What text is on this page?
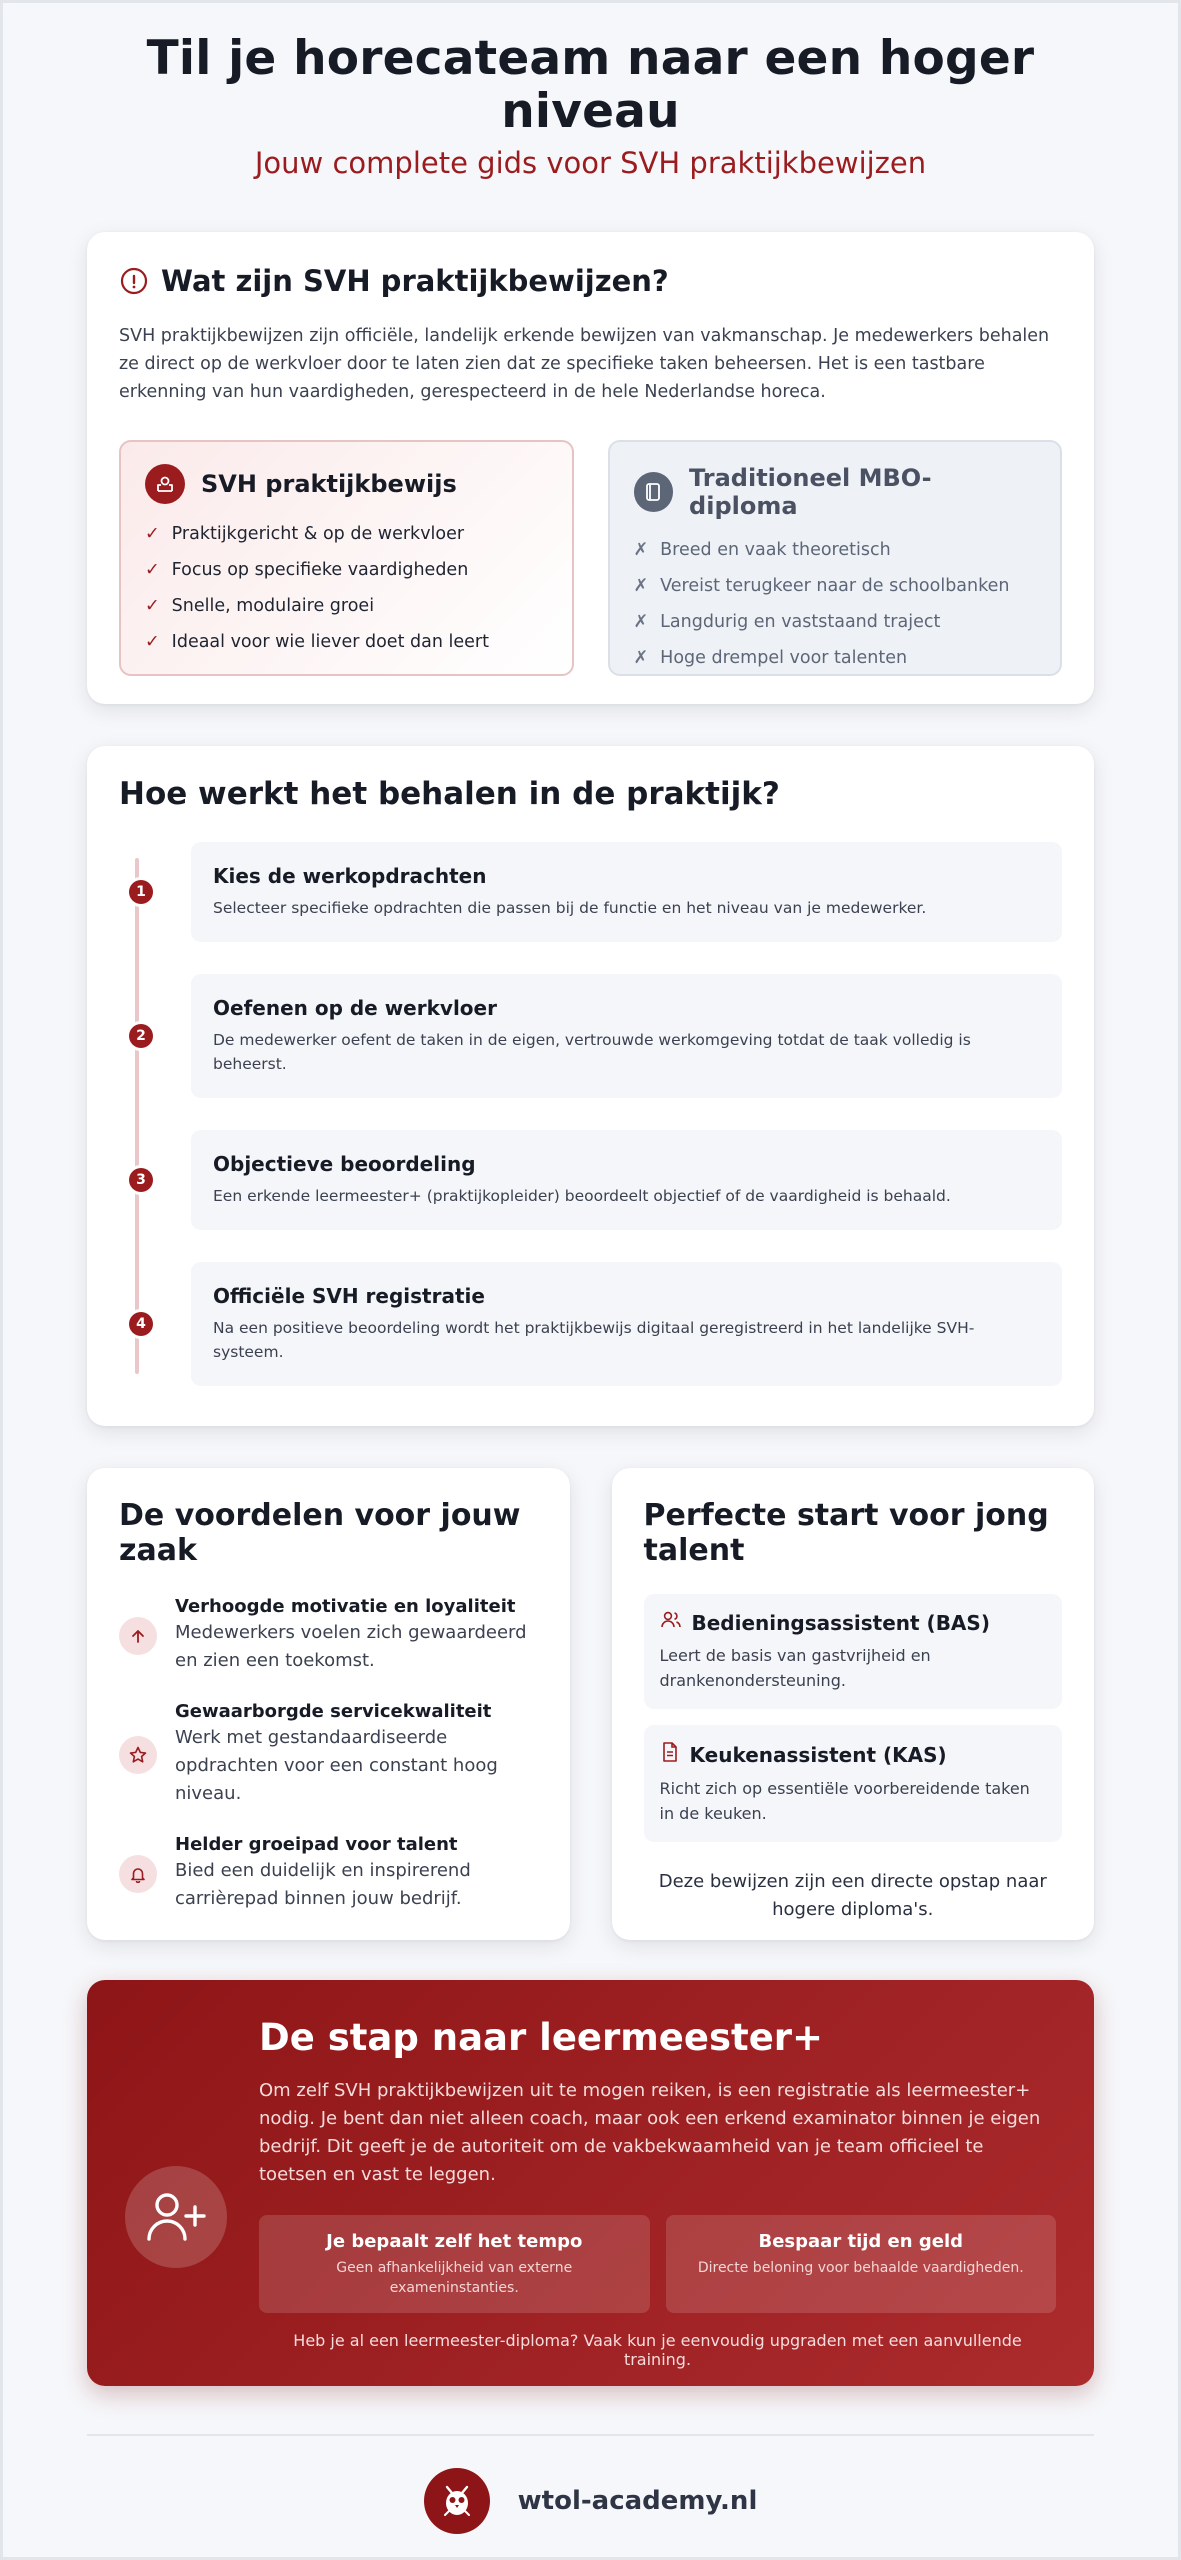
Til je horecateam naar een hoger niveau
Jouw complete gids voor SVH praktijkbewijzen
Wat zijn SVH praktijkbewijzen?

SVH praktijkbewijzen zijn officiële, landelijk erkende bewijzen van vakmanschap. Je medewerkers behalen ze direct op de werkvloer door te laten zien dat ze specifieke taken beheersen. Het is een tastbare erkenning van hun vaardigheden, gerespecteerd in de hele Nederlandse horeca.

SVH praktijkbewijs
✓ Praktijkgericht & op de werkvloer
✓ Focus op specifieke vaardigheden
✓ Snelle, modulaire groei
✓ Ideaal voor wie liever doet dan leert
Traditioneel MBO-diploma
✗ Breed en vaak theoretisch
✗ Vereist terugkeer naar de schoolbanken
✗ Langdurig en vaststaand traject
✗ Hoge drempel voor talenten
Hoe werkt het behalen in de praktijk?
1
Kies de werkopdrachten

Selecteer specifieke opdrachten die passen bij de functie en het niveau van je medewerker.

2
Oefenen op de werkvloer

De medewerker oefent de taken in de eigen, vertrouwde werkomgeving totdat de taak volledig is beheerst.

3
Objectieve beoordeling

Een erkende leermeester+ (praktijkopleider) beoordeelt objectief of de vaardigheid is behaald.

4
Officiële SVH registratie

Na een positieve beoordeling wordt het praktijkbewijs digitaal geregistreerd in het landelijke SVH-systeem.

De voordelen voor jouw zaak
Verhoogde motivatie en loyaliteit

Medewerkers voelen zich gewaardeerd en zien een toekomst.

Gewaarborgde servicekwaliteit

Werk met gestandaardiseerde opdrachten voor een constant hoog niveau.

Helder groeipad voor talent

Bied een duidelijk en inspirerend carrièrepad binnen jouw bedrijf.

Perfecte start voor jong talent
Bedieningsassistent (BAS)

Leert de basis van gastvrijheid en drankenondersteuning.

Keukenassistent (KAS)

Richt zich op essentiële voorbereidende taken in de keuken.

Deze bewijzen zijn een directe opstap naar hogere diploma's.

De stap naar leermeester+

Om zelf SVH praktijkbewijzen uit te mogen reiken, is een registratie als leermeester+ nodig. Je bent dan niet alleen coach, maar ook een erkend examinator binnen je eigen bedrijf. Dit geeft je de autoriteit om de vakbekwaamheid van je team officieel te toetsen en vast te leggen.

Je bepaalt zelf het tempo

Geen afhankelijkheid van externe exameninstanties.

Bespaar tijd en geld

Directe beloning voor behaalde vaardigheden.

Heb je al een leermeester-diploma? Vaak kun je eenvoudig upgraden met een aanvullende training.

wtol-academy.nl
